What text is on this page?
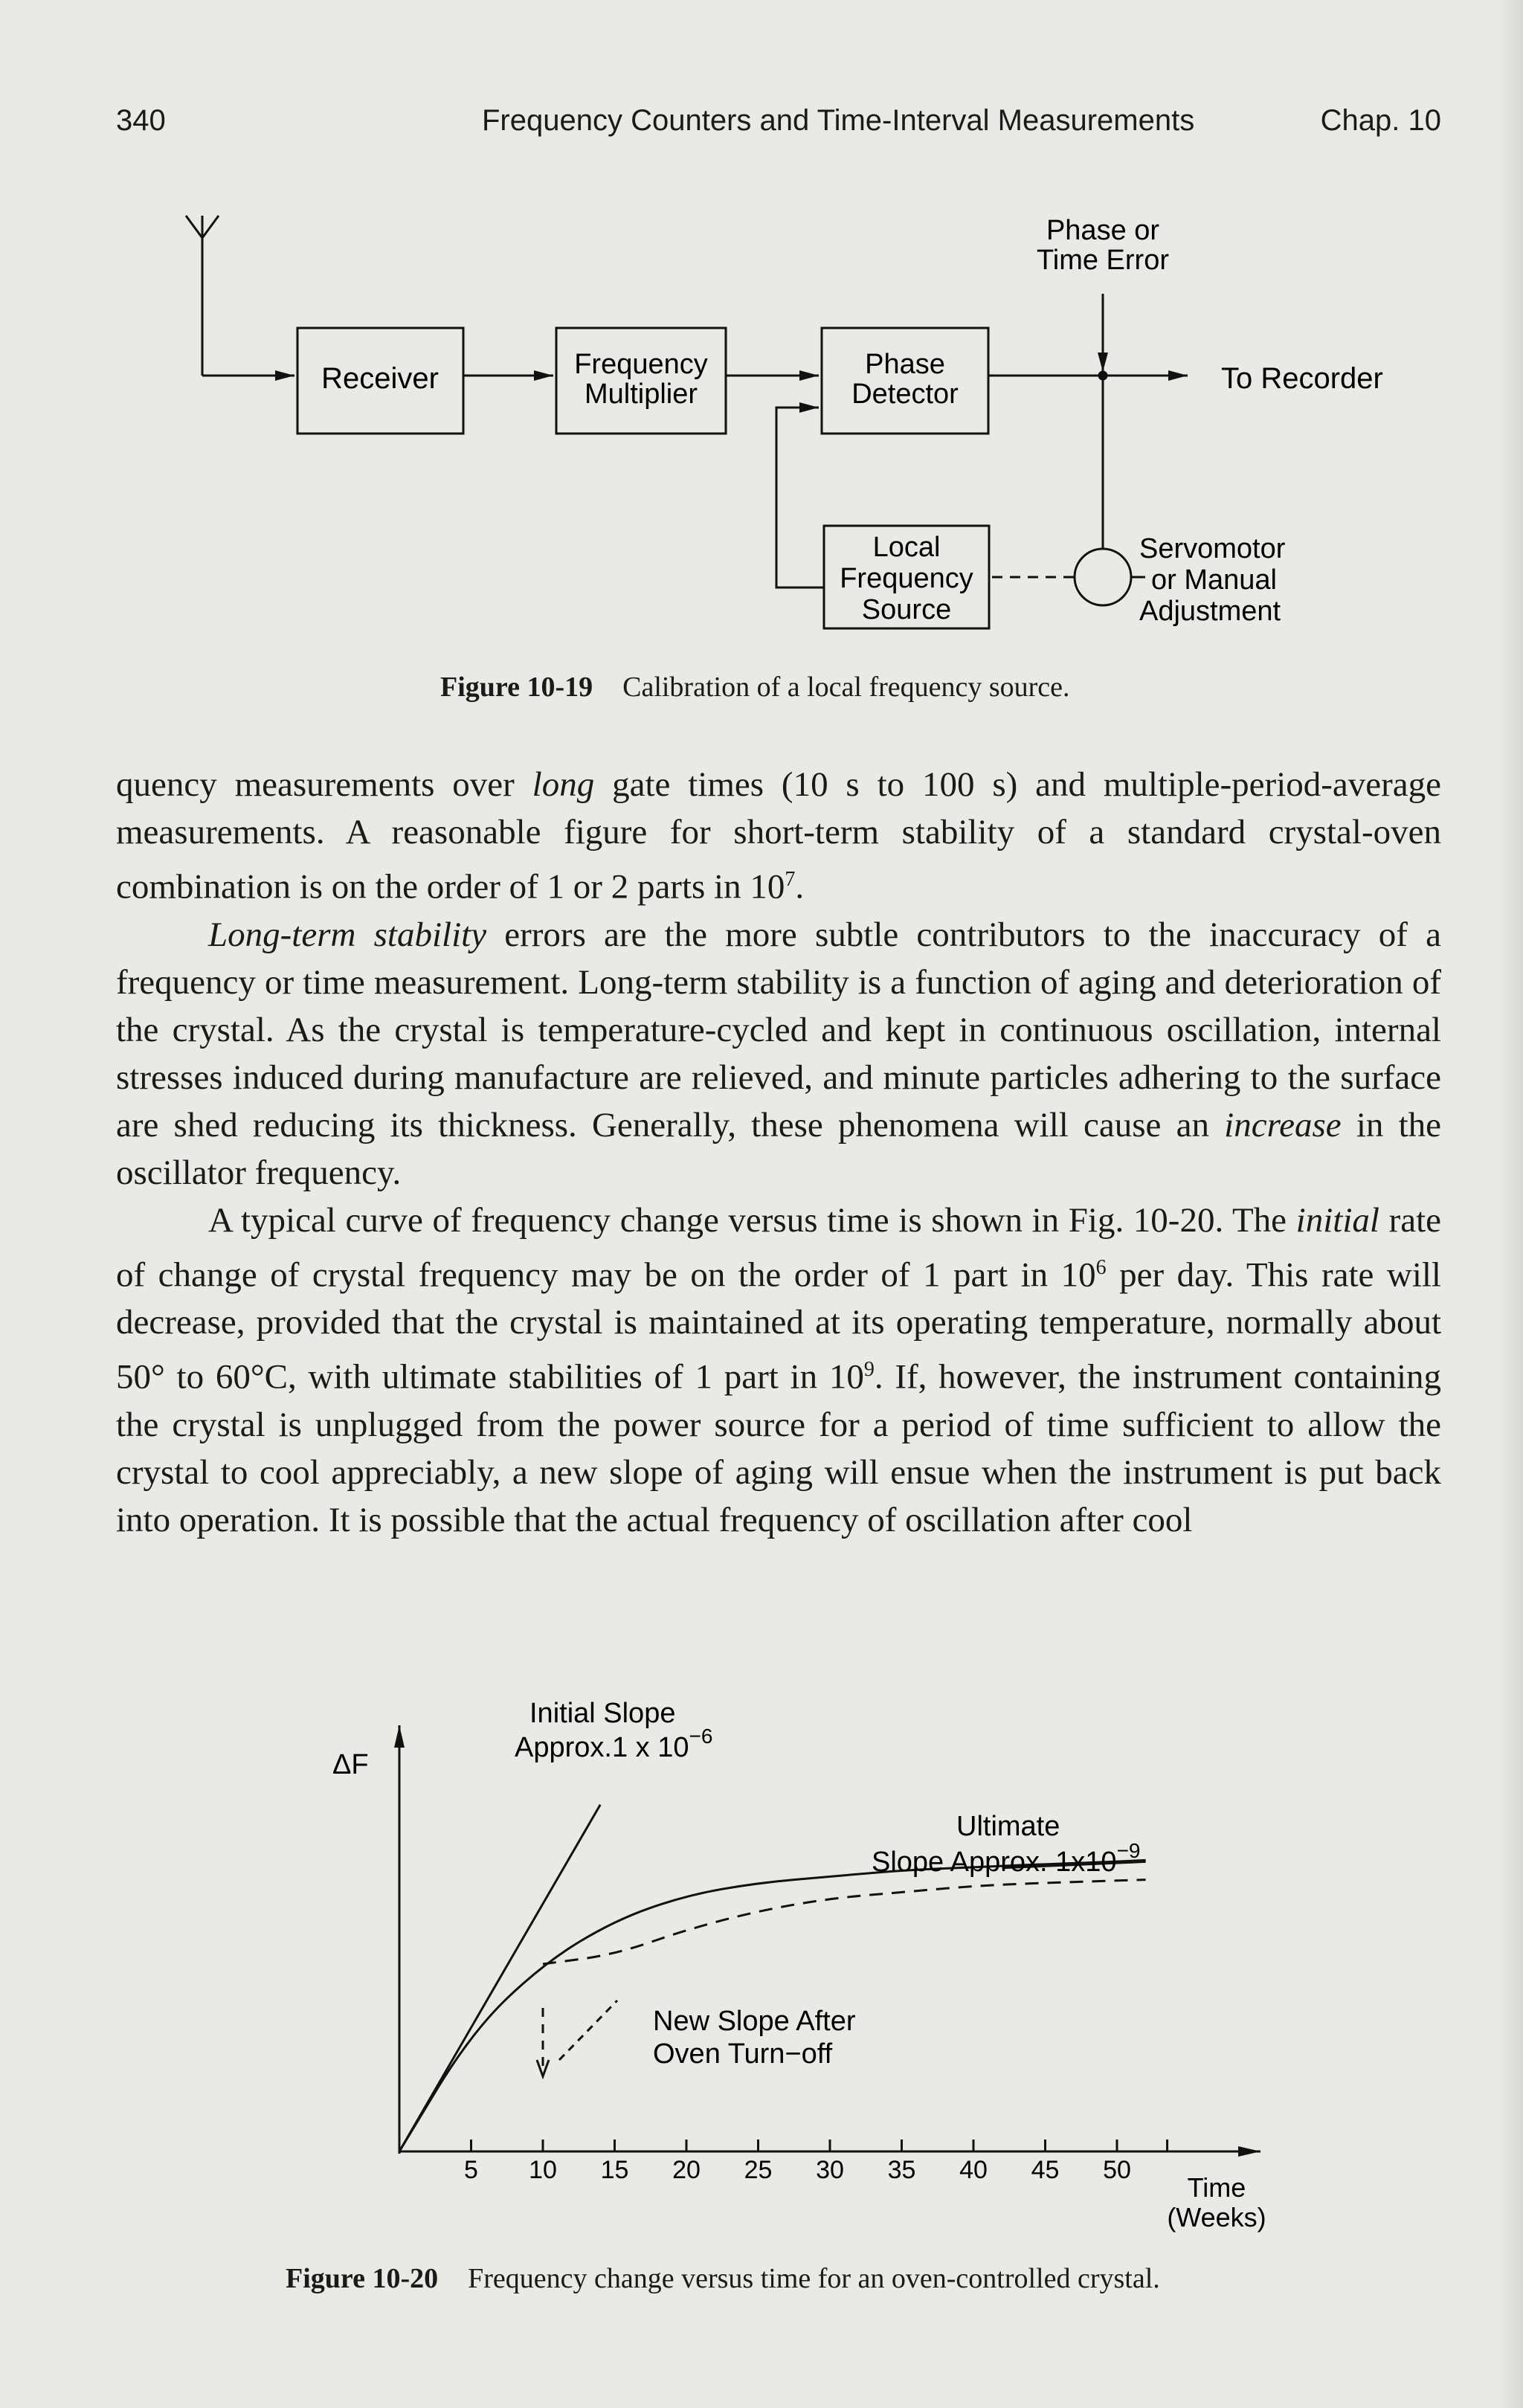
340	Frequency Counters and Time-Interval Measurements	Chap. 10
Receiver	Frequency
Multiplier
Phase
Detector
Local
Frequency
Source
Phase or
Time Error
To Recorder
Servomotor
or Manual
Adjustment
Figure 10-19 Calibration of a local frequency source.

quency measurements over long gate times (10 s to 100 s) and multiple-period-average measurements. A reasonable figure for short-term stability of a standard crystal-oven combination is on the order of 1 or 2 parts in $10^7$.

Long-term stability errors are the more subtle contributors to the inaccuracy of a frequency or time measurement. Long-term stability is a function of aging and deterioration of the crystal. As the crystal is temperature-cycled and kept in continuous oscillation, internal stresses induced during manufacture are relieved, and minute particles adhering to the surface are shed reducing its thickness. Generally, these phenomena will cause an increase in the oscillator frequency.

A typical curve of frequency change versus time is shown in Fig. 10-20. The initial rate of change of crystal frequency may be on the order of 1 part in $10^6$ per day. This rate will decrease, provided that the crystal is maintained at its operating temperature, normally about 50° to 60°C, with ultimate stabilities of 1 part in $10^9$. If, however, the instrument containing the crystal is unplugged from the power source for a period of time sufficient to allow the crystal to cool appreciably, a new slope of aging will ensue when the instrument is put back into operation. It is possible that the actual frequency of oscillation after cool

5 10 15 20 25 30 35 40 45 50
ΔF
Initial Slope
Approx.1 x $10^{-6}$
Ultimate
Slope Approx. $1x10^{-9}$
New Slope After
Oven Turn−off
Time
(Weeks)
Figure 10-20 Frequency change versus time for an oven-controlled crystal.
